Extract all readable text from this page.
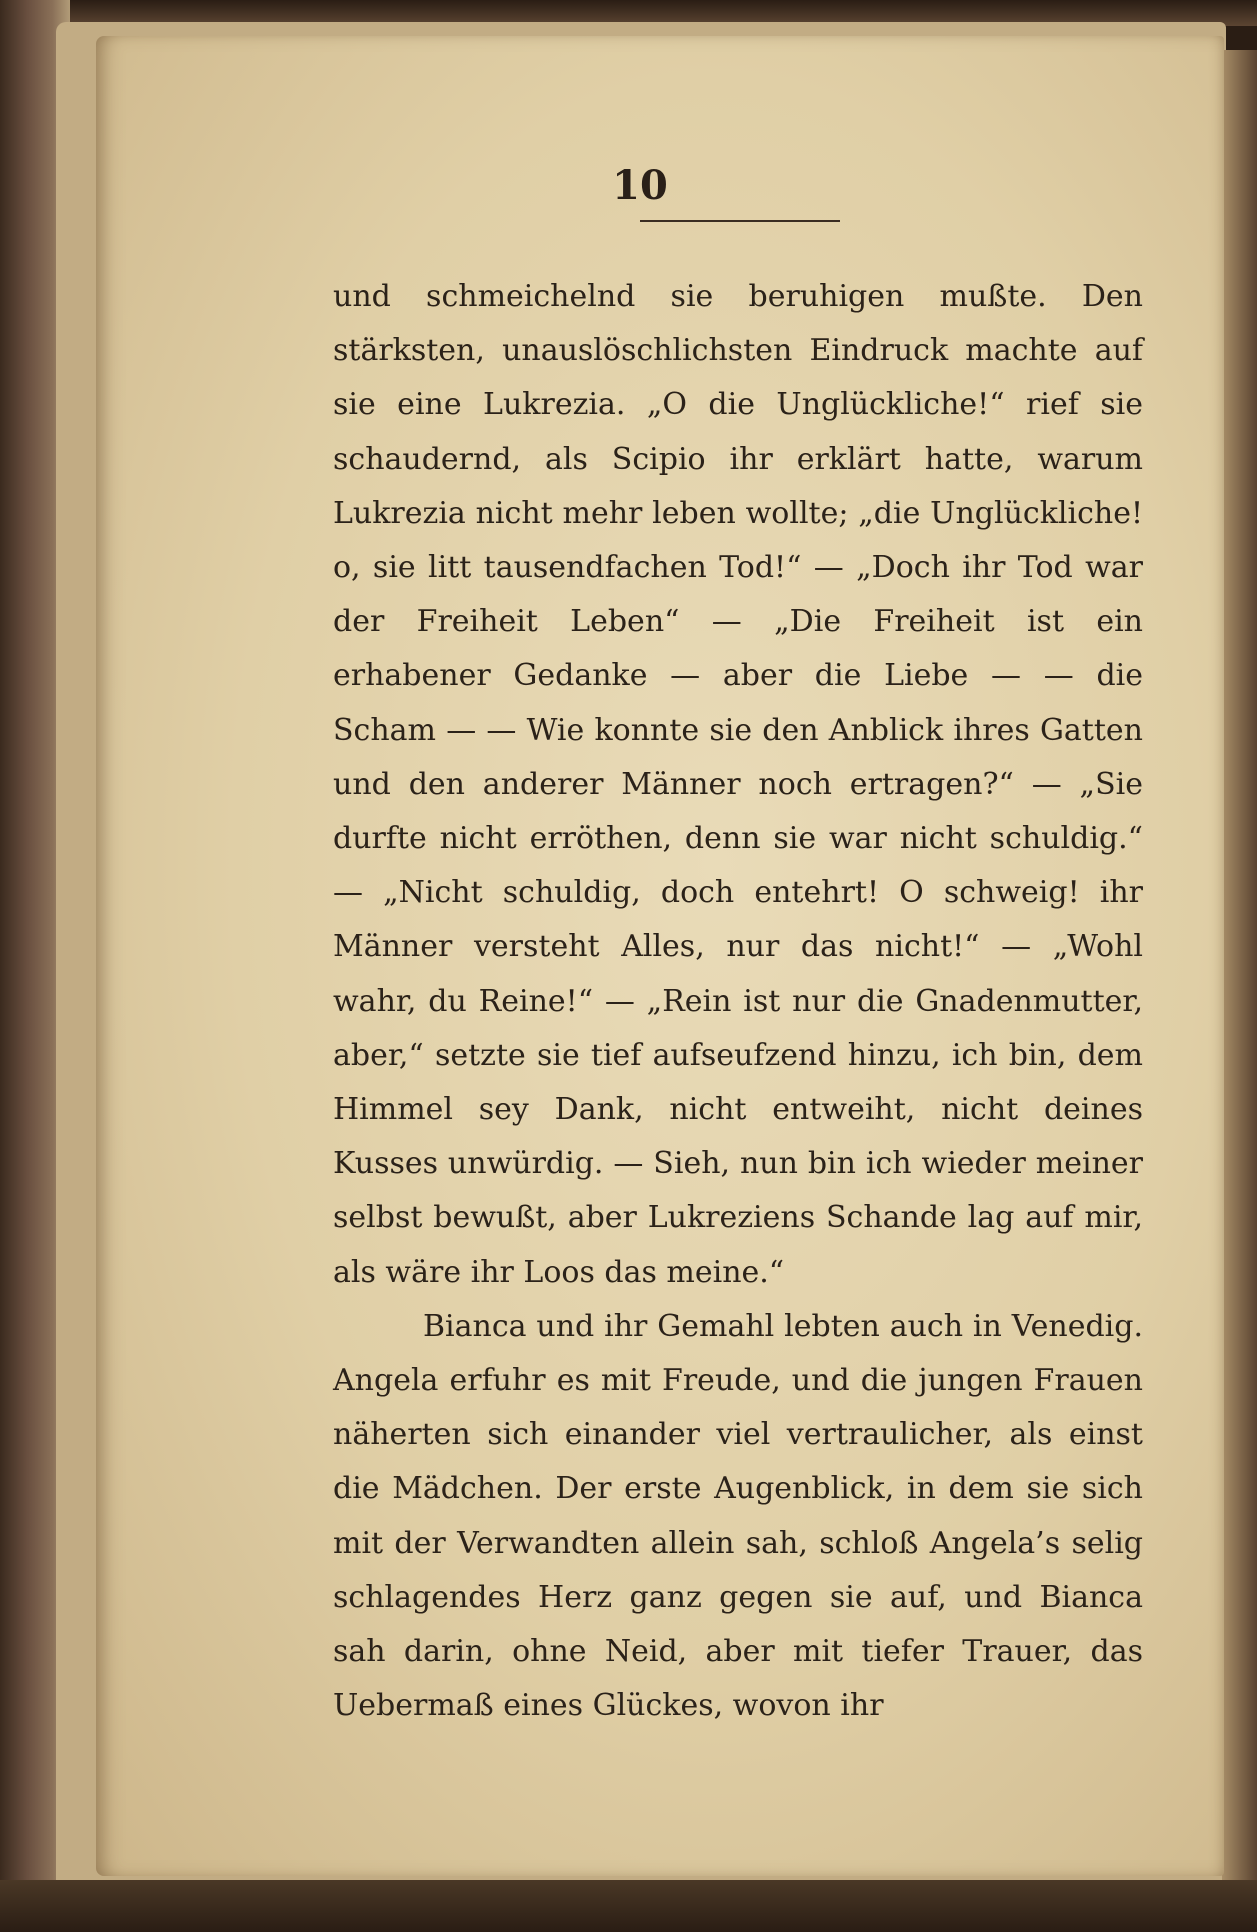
10

und schmeichelnd sie beruhigen mußte. Den stärksten, unauslöschlichsten Eindruck machte auf sie eine Lukrezia. „O die Unglückliche!“ rief sie schaudernd, als Scipio ihr erklärt hatte, warum Lukrezia nicht mehr leben wollte; „die Unglückliche! o, sie litt tausendfachen Tod!“ — „Doch ihr Tod war der Freiheit Leben“ — „Die Freiheit ist ein erhabener Gedanke — aber die Liebe — — die Scham — — Wie konnte sie den Anblick ihres Gatten und den anderer Männer noch ertragen?“ — „Sie durfte nicht erröthen, denn sie war nicht schuldig.“ — „Nicht schuldig, doch entehrt! O schweig! ihr Männer versteht Alles, nur das nicht!“ — „Wohl wahr, du Reine!“ — „Rein ist nur die Gnadenmutter, aber,“ setzte sie tief aufseufzend hinzu, ich bin, dem Himmel sey Dank, nicht entweiht, nicht deines Kusses unwürdig. — Sieh, nun bin ich wieder meiner selbst bewußt, aber Lukreziens Schande lag auf mir, als wäre ihr Loos das meine.“

Bianca und ihr Gemahl lebten auch in Venedig. Angela erfuhr es mit Freude, und die jungen Frauen näherten sich einander viel vertraulicher, als einst die Mädchen. Der erste Augenblick, in dem sie sich mit der Verwandten allein sah, schloß Angela’s selig schlagendes Herz ganz gegen sie auf, und Bianca sah darin, ohne Neid, aber mit tiefer Trauer, das Uebermaß eines Glückes, wovon ihr
